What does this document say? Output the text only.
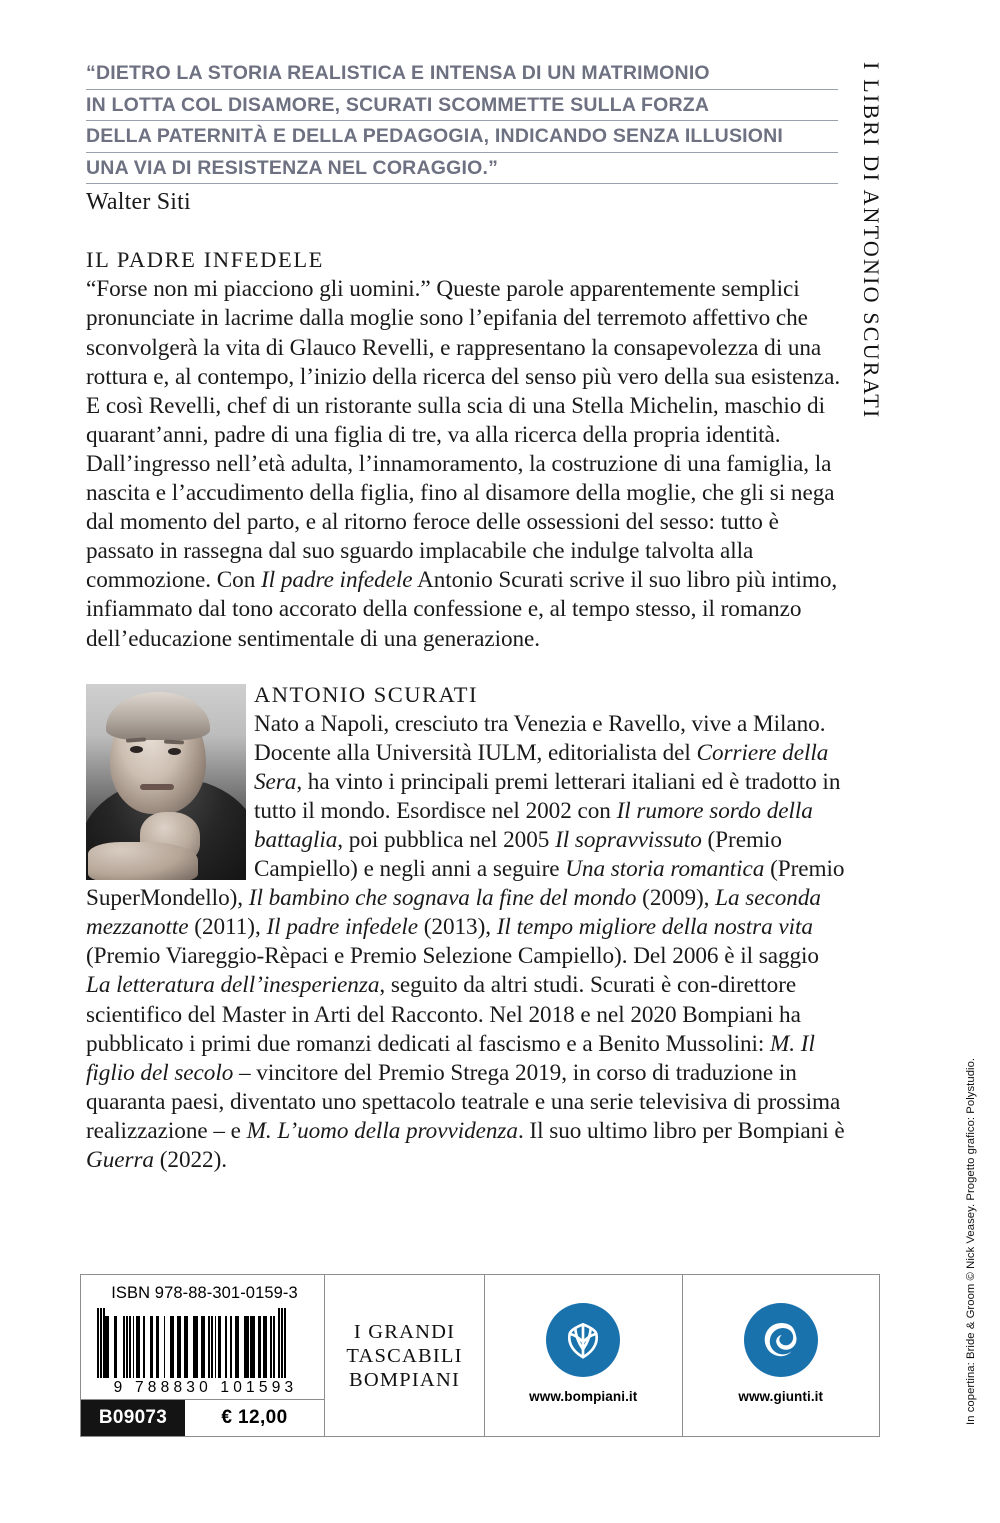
“DIETRO LA STORIA REALISTICA E INTENSA DI UN MATRIMONIO
IN LOTTA COL DISAMORE, SCURATI SCOMMETTE SULLA FORZA
DELLA PATERNITÀ E DELLA PEDAGOGIA, INDICANDO SENZA ILLUSIONI
UNA VIA DI RESISTENZA NEL CORAGGIO.”
Walter Siti
IL PADRE INFEDELE
“Forse non mi piacciono gli uomini.” Queste parole apparentemente semplici pronunciate in lacrime dalla moglie sono l’epifania del terremoto affettivo che sconvolgerà la vita di Glauco Revelli, e rappresentano la consapevolezza di una rottura e, al contempo, l’inizio della ricerca del senso più vero della sua esistenza. E così Revelli, chef di un ristorante sulla scia di una Stella Michelin, maschio di quarant’anni, padre di una figlia di tre, va alla ricerca della propria identità. Dall’ingresso nell’età adulta, l’innamoramento, la costruzione di una famiglia, la nascita e l’accudimento della figlia, fino al disamore della moglie, che gli si nega dal momento del parto, e al ritorno feroce delle ossessioni del sesso: tutto è passato in rassegna dal suo sguardo implacabile che indulge talvolta alla commozione. Con Il padre infedele Antonio Scurati scrive il suo libro più intimo, infiammato dal tono accorato della confessione e, al tempo stesso, il romanzo dell’educazione sentimentale di una generazione.
ANTONIO SCURATI
Nato a Napoli, cresciuto tra Venezia e Ravello, vive a Milano. Docente alla Università IULM, editorialista del Corriere della Sera, ha vinto i principali premi letterari italiani ed è tradotto in tutto il mondo. Esordisce nel 2002 con Il rumore sordo della battaglia, poi pubblica nel 2005 Il sopravvissuto (Premio Campiello) e negli anni a seguire Una storia romantica (Premio SuperMondello), Il bambino che sognava la fine del mondo (2009), La seconda mezzanotte (2011), Il padre infedele (2013), Il tempo migliore della nostra vita (Premio Viareggio-Rèpaci e Premio Selezione Campiello). Del 2006 è il saggio La letteratura dell’inesperienza, seguito da altri studi. Scurati è con-direttore scientifico del Master in Arti del Racconto. Nel 2018 e nel 2020 Bompiani ha pubblicato i primi due romanzi dedicati al fascismo e a Benito Mussolini: M. Il figlio del secolo – vincitore del Premio Strega 2019, in corso di traduzione in quaranta paesi, diventato uno spettacolo teatrale e una serie televisiva di prossima realizzazione – e M. L’uomo della provvidenza. Il suo ultimo libro per Bompiani è Guerra (2022).
ISBN 978-88-301-0159-3
9 788830 101593
B09073	€ 12,00
I GRANDI
TASCABILI
BOMPIANI
www.bompiani.it	www.giunti.it
I LIBRI DI ANTONIO SCURATI
In copertina: Bride & Groom © Nick Veasey. Progetto grafico: Polystudio.
